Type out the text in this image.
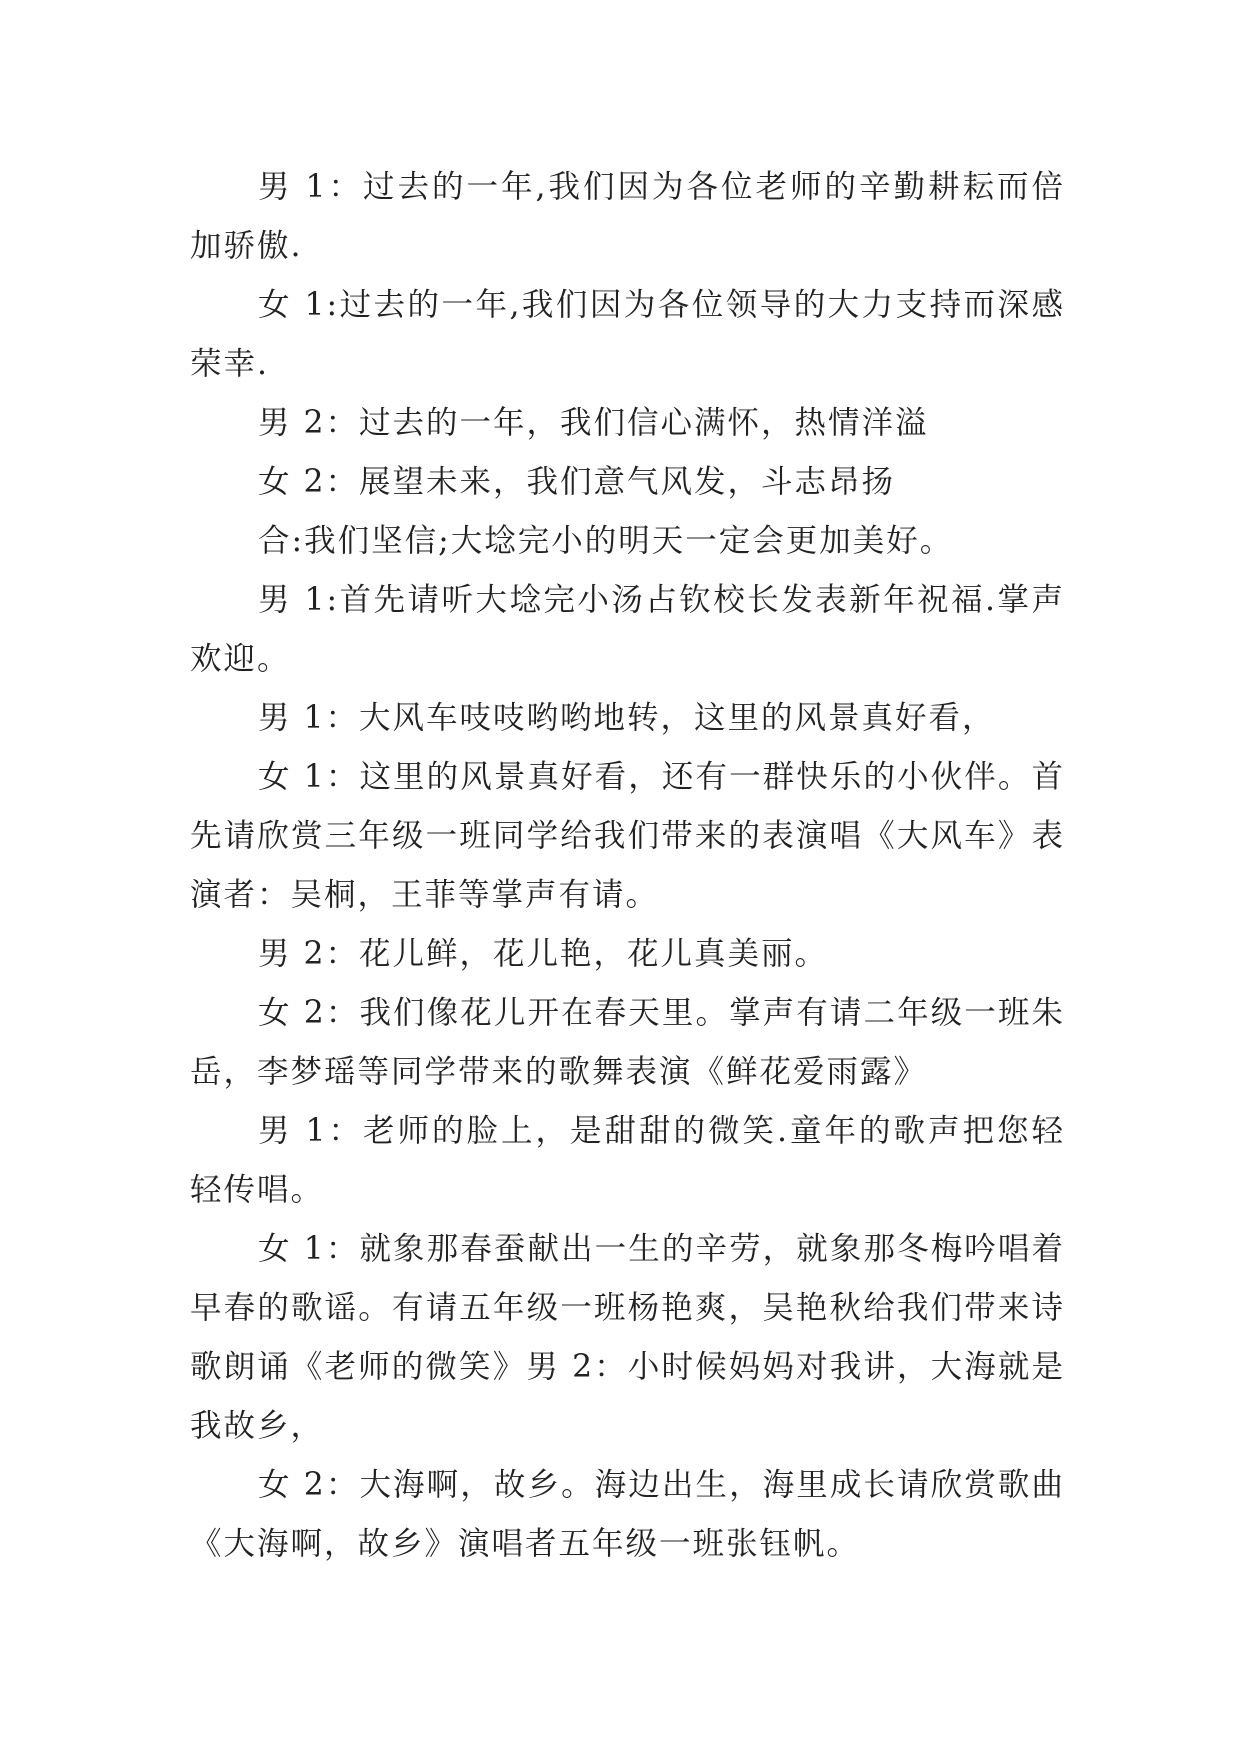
男 1：过去的一年,我们因为各位老师的辛勤耕耘而倍加骄傲.

女 1:过去的一年,我们因为各位领导的大力支持而深感荣幸.

男 2：过去的一年，我们信心满怀，热情洋溢

女 2：展望未来，我们意气风发，斗志昂扬

合:我们坚信;大埝完小的明天一定会更加美好。

男 1:首先请听大埝完小汤占钦校长发表新年祝福.掌声欢迎。

男 1：大风车吱吱哟哟地转，这里的风景真好看，

女 1：这里的风景真好看，还有一群快乐的小伙伴。首先请欣赏三年级一班同学给我们带来的表演唱《大风车》表演者：吴桐，王菲等掌声有请。

男 2：花儿鲜，花儿艳，花儿真美丽。

女 2：我们像花儿开在春天里。掌声有请二年级一班朱岳，李梦瑶等同学带来的歌舞表演《鲜花爱雨露》

男 1：老师的脸上，是甜甜的微笑.童年的歌声把您轻轻传唱。

女 1：就象那春蚕献出一生的辛劳，就象那冬梅吟唱着早春的歌谣。有请五年级一班杨艳爽，吴艳秋给我们带来诗歌朗诵《老师的微笑》男 2：小时候妈妈对我讲，大海就是我故乡，

女 2：大海啊，故乡。海边出生，海里成长请欣赏歌曲《大海啊，故乡》演唱者五年级一班张钰帆。
